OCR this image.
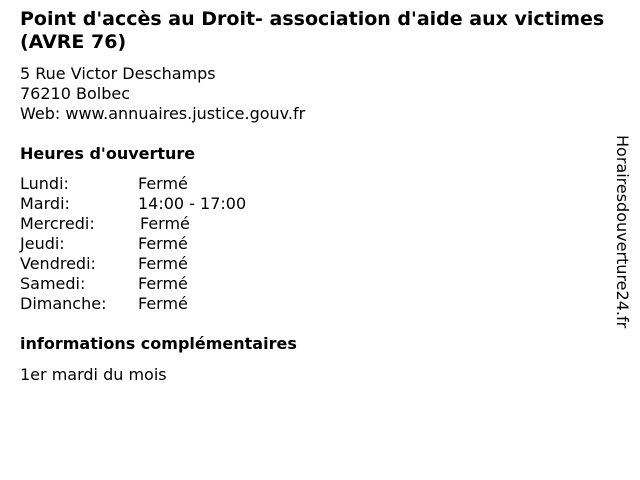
Point d'accès au Droit- association d'aide aux victimes (AVRE 76)
5 Rue Victor Deschamps
76210 Bolbec
Web: www.annuaires.justice.gouv.fr
Heures d'ouverture
Lundi:	Fermé
Mardi:	14:00 - 17:00
Mercredi:	Fermé
Jeudi:	Fermé
Vendredi:	Fermé
Samedi:	Fermé
Dimanche: Fermé
informations complémentaires
1er mardi du mois
Horairesdouverture24.fr
